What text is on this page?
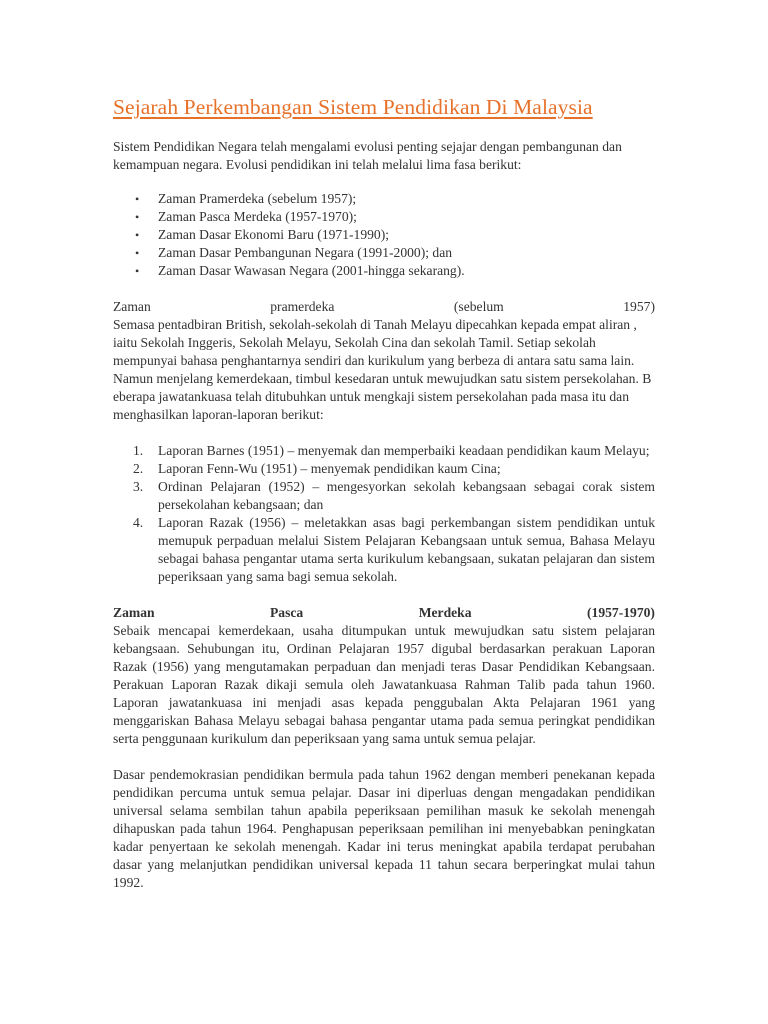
Sejarah Perkembangan Sistem Pendidikan Di Malaysia

Sistem Pendidikan Negara telah mengalami evolusi penting sejajar dengan pembangunan dan kemampuan negara. Evolusi pendidikan ini telah melalui lima fasa berikut:

• Zaman Pramerdeka (sebelum 1957);
• Zaman Pasca Merdeka (1957-1970);
• Zaman Dasar Ekonomi Baru (1971-1990);
• Zaman Dasar Pembangunan Negara (1991-2000); dan
• Zaman Dasar Wawasan Negara (2001-hingga sekarang).
Zaman	pramerdeka	(sebelum	1957)

Semasa pentadbiran British, sekolah-sekolah di Tanah Melayu dipecahkan kepada empat aliran , iaitu Sekolah Inggeris, Sekolah Melayu, Sekolah Cina dan sekolah Tamil. Setiap sekolah mempunyai bahasa penghantarnya sendiri dan kurikulum yang berbeza di antara satu sama lain. Namun menjelang kemerdekaan, timbul kesedaran untuk mewujudkan satu sistem persekolahan. B eberapa jawatankuasa telah ditubuhkan untuk mengkaji sistem persekolahan pada masa itu dan menghasilkan laporan-laporan berikut:

1. Laporan Barnes (1951) – menyemak dan memperbaiki keadaan pendidikan kaum Melayu;
2. Laporan Fenn-Wu (1951) – menyemak pendidikan kaum Cina;
3. Ordinan Pelajaran (1952) – mengesyorkan sekolah kebangsaan sebagai corak sistem persekolahan kebangsaan; dan
4. Laporan Razak (1956) – meletakkan asas bagi perkembangan sistem pendidikan untuk memupuk perpaduan melalui Sistem Pelajaran Kebangsaan untuk semua, Bahasa Melayu sebagai bahasa pengantar utama serta kurikulum kebangsaan, sukatan pelajaran dan sistem peperiksaan yang sama bagi semua sekolah.
Zaman	Pasca	Merdeka	(1957-1970)

Sebaik mencapai kemerdekaan, usaha ditumpukan untuk mewujudkan satu sistem pelajaran kebangsaan. Sehubungan itu, Ordinan Pelajaran 1957 digubal berdasarkan perakuan Laporan Razak (1956) yang mengutamakan perpaduan dan menjadi teras Dasar Pendidikan Kebangsaan. Perakuan Laporan Razak dikaji semula oleh Jawatankuasa Rahman Talib pada tahun 1960. Laporan jawatankuasa ini menjadi asas kepada penggubalan Akta Pelajaran 1961 yang menggariskan Bahasa Melayu sebagai bahasa pengantar utama pada semua peringkat pendidikan serta penggunaan kurikulum dan peperiksaan yang sama untuk semua pelajar.

Dasar pendemokrasian pendidikan bermula pada tahun 1962 dengan memberi penekanan kepada pendidikan percuma untuk semua pelajar. Dasar ini diperluas dengan mengadakan pendidikan universal selama sembilan tahun apabila peperiksaan pemilihan masuk ke sekolah menengah dihapuskan pada tahun 1964. Penghapusan peperiksaan pemilihan ini menyebabkan peningkatan kadar penyertaan ke sekolah menengah. Kadar ini terus meningkat apabila terdapat perubahan dasar yang melanjutkan pendidikan universal kepada 11 tahun secara berperingkat mulai tahun 1992.
